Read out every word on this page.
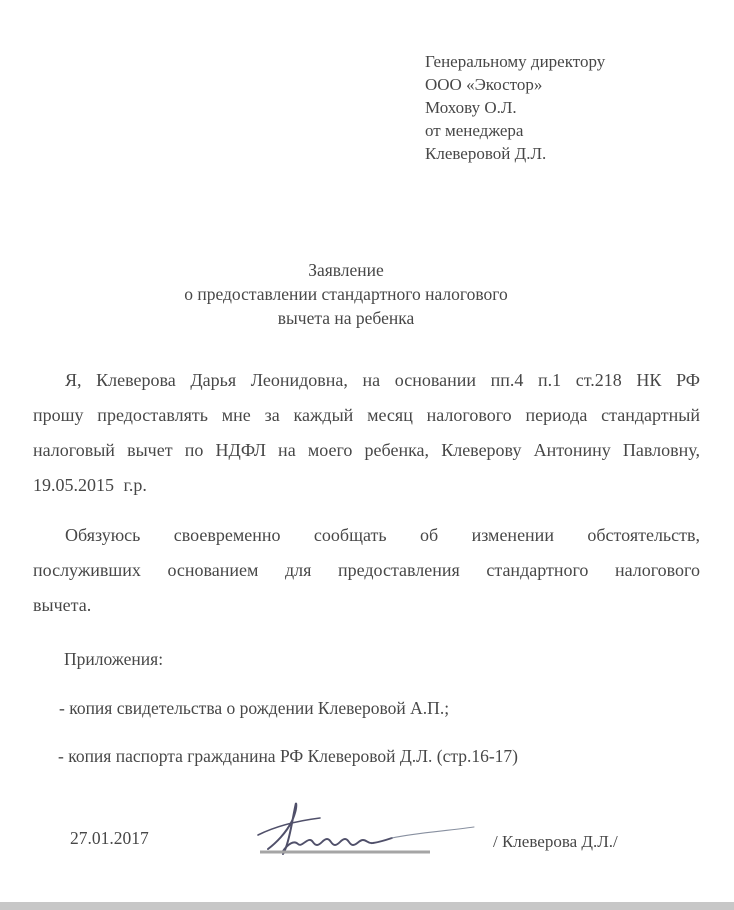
Генеральному директору
ООО «Экостор»
Мохову О.Л.
от менеджера
Клеверовой Д.Л.
Заявление
о предоставлении стандартного налогового
вычета на ребенка

Я, Клеверова Дарья Леонидовна, на основании пп.4 п.1 ст.218 НК РФ прошу предоставлять мне за каждый месяц налогового периода стандартный налоговый вычет по НДФЛ на моего ребенка, Клеверову Антонину Павловну, 19.05.2015 г.р.

Обязуюсь своевременно сообщать об изменении обстоятельств, послуживших основанием для предоставления стандартного налогового вычета.

Приложения:
- копия свидетельства о рождении Клеверовой А.П.;
- копия паспорта гражданина РФ Клеверовой Д.Л. (стр.16-17)
27.01.2017	/ Клеверова Д.Л./
